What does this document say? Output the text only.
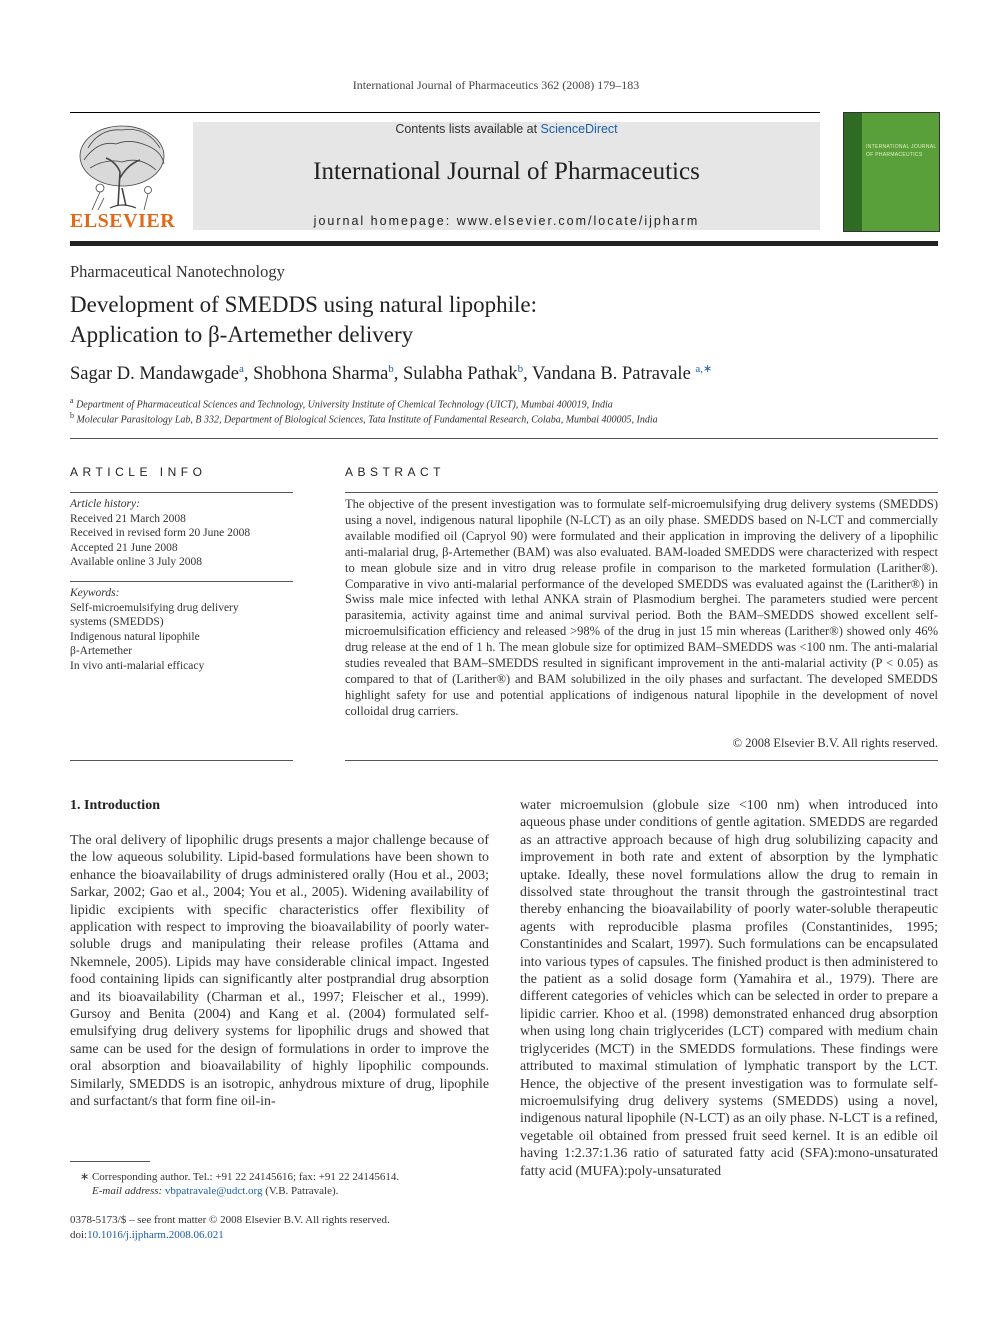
International Journal of Pharmaceutics 362 (2008) 179–183
ELSEVIER
Contents lists available at ScienceDirect
International Journal of Pharmaceutics
journal homepage: www.elsevier.com/locate/ijpharm
INTERNATIONAL JOURNAL OF PHARMACEUTICS
Pharmaceutical Nanotechnology
Development of SMEDDS using natural lipophile:
Application to β-Artemether delivery
Sagar D. Mandawgade$^a$, Shobhona Sharma$^b$, Sulabha Pathak$^b$, Vandana B. Patravale $^{a,∗}$
$^a$ Department of Pharmaceutical Sciences and Technology, University Institute of Chemical Technology (UICT), Mumbai 400019, India
$^b$ Molecular Parasitology Lab, B 332, Department of Biological Sciences, Tata Institute of Fundamental Research, Colaba, Mumbai 400005, India
ARTICLE INFO
Article history:
Received 21 March 2008
Received in revised form 20 June 2008
Accepted 21 June 2008
Available online 3 July 2008
Keywords:
Self-microemulsifying drug delivery
systems (SMEDDS)
Indigenous natural lipophile
β-Artemether
In vivo anti-malarial efficacy
ABSTRACT
The objective of the present investigation was to formulate self-microemulsifying drug delivery systems (SMEDDS) using a novel, indigenous natural lipophile (N-LCT) as an oily phase. SMEDDS based on N-LCT and commercially available modified oil (Capryol 90) were formulated and their application in improving the delivery of a lipophilic anti-malarial drug, β-Artemether (BAM) was also evaluated. BAM-loaded SMEDDS were characterized with respect to mean globule size and in vitro drug release profile in comparison to the marketed formulation (Larither®). Comparative in vivo anti-malarial performance of the developed SMEDDS was evaluated against the (Larither®) in Swiss male mice infected with lethal ANKA strain of Plasmodium berghei. The parameters studied were percent parasitemia, activity against time and animal survival period. Both the BAM–SMEDDS showed excellent self-microemulsification efficiency and released >98% of the drug in just 15 min whereas (Larither®) showed only 46% drug release at the end of 1 h. The mean globule size for optimized BAM–SMEDDS was <100 nm. The anti-malarial studies revealed that BAM–SMEDDS resulted in significant improvement in the anti-malarial activity (P < 0.05) as compared to that of (Larither®) and BAM solubilized in the oily phases and surfactant. The developed SMEDDS highlight safety for use and potential applications of indigenous natural lipophile in the development of novel colloidal drug carriers.
© 2008 Elsevier B.V. All rights reserved.
1. Introduction
The oral delivery of lipophilic drugs presents a major challenge because of the low aqueous solubility. Lipid-based formulations have been shown to enhance the bioavailability of drugs administered orally (Hou et al., 2003; Sarkar, 2002; Gao et al., 2004; You et al., 2005). Widening availability of lipidic excipients with specific characteristics offer flexibility of application with respect to improving the bioavailability of poorly water-soluble drugs and manipulating their release profiles (Attama and Nkemnele, 2005). Lipids may have considerable clinical impact. Ingested food containing lipids can significantly alter postprandial drug absorption and its bioavailability (Charman et al., 1997; Fleischer et al., 1999). Gursoy and Benita (2004) and Kang et al. (2004) formulated self-emulsifying drug delivery systems for lipophilic drugs and showed that same can be used for the design of formulations in order to improve the oral absorption and bioavailability of highly lipophilic compounds. Similarly, SMEDDS is an isotropic, anhydrous mixture of drug, lipophile and surfactant/s that form fine oil-in-
water microemulsion (globule size <100 nm) when introduced into aqueous phase under conditions of gentle agitation. SMEDDS are regarded as an attractive approach because of high drug solubilizing capacity and improvement in both rate and extent of absorption by the lymphatic uptake. Ideally, these novel formulations allow the drug to remain in dissolved state throughout the transit through the gastrointestinal tract thereby enhancing the bioavailability of poorly water-soluble therapeutic agents with reproducible plasma profiles (Constantinides, 1995; Constantinides and Scalart, 1997). Such formulations can be encapsulated into various types of capsules. The finished product is then administered to the patient as a solid dosage form (Yamahira et al., 1979). There are different categories of vehicles which can be selected in order to prepare a lipidic carrier. Khoo et al. (1998) demonstrated enhanced drug absorption when using long chain triglycerides (LCT) compared with medium chain triglycerides (MCT) in the SMEDDS formulations. These findings were attributed to maximal stimulation of lymphatic transport by the LCT. Hence, the objective of the present investigation was to formulate self-microemulsifying drug delivery systems (SMEDDS) using a novel, indigenous natural lipophile (N-LCT) as an oily phase. N-LCT is a refined, vegetable oil obtained from pressed fruit seed kernel. It is an edible oil having 1:2.37:1.36 ratio of saturated fatty acid (SFA):mono-unsaturated fatty acid (MUFA):poly-unsaturated
∗ Corresponding author. Tel.: +91 22 24145616; fax: +91 22 24145614.
E-mail address: vbpatravale@udct.org (V.B. Patravale).
0378-5173/$ – see front matter © 2008 Elsevier B.V. All rights reserved.
doi:10.1016/j.ijpharm.2008.06.021
